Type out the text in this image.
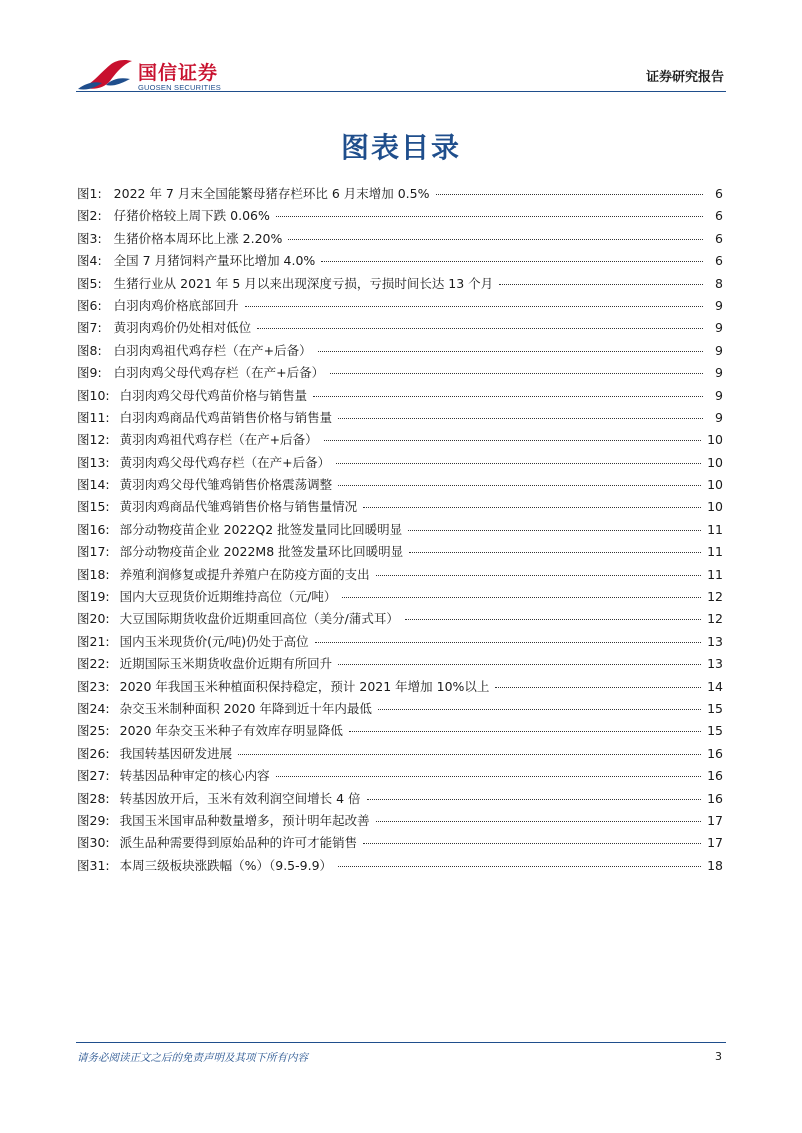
国信证券
GUOSEN SECURITIES
证券研究报告
图表目录
图1: 2022 年 7 月末全国能繁母猪存栏环比 6 月末增加 0.5%	6
图2: 仔猪价格较上周下跌 0.06%	6
图3: 生猪价格本周环比上涨 2.20%	6
图4: 全国 7 月猪饲料产量环比增加 4.0%	6
图5: 生猪行业从 2021 年 5 月以来出现深度亏损，亏损时间长达 13 个月	8
图6: 白羽肉鸡价格底部回升	9
图7: 黄羽肉鸡价仍处相对低位	9
图8: 白羽肉鸡祖代鸡存栏（在产+后备）	9
图9: 白羽肉鸡父母代鸡存栏（在产+后备）	9
图10: 白羽肉鸡父母代鸡苗价格与销售量	9
图11: 白羽肉鸡商品代鸡苗销售价格与销售量	9
图12: 黄羽肉鸡祖代鸡存栏（在产+后备）	10
图13: 黄羽肉鸡父母代鸡存栏（在产+后备）	10
图14: 黄羽肉鸡父母代雏鸡销售价格震荡调整	10
图15: 黄羽肉鸡商品代雏鸡销售价格与销售量情况	10
图16: 部分动物疫苗企业 2022Q2 批签发量同比回暖明显	11
图17: 部分动物疫苗企业 2022M8 批签发量环比回暖明显	11
图18: 养殖利润修复或提升养殖户在防疫方面的支出	11
图19: 国内大豆现货价近期维持高位（元/吨）	12
图20: 大豆国际期货收盘价近期重回高位（美分/蒲式耳）	12
图21: 国内玉米现货价(元/吨)仍处于高位	13
图22: 近期国际玉米期货收盘价近期有所回升	13
图23: 2020 年我国玉米种植面积保持稳定，预计 2021 年增加 10%以上	14
图24: 杂交玉米制种面积 2020 年降到近十年内最低	15
图25: 2020 年杂交玉米种子有效库存明显降低	15
图26: 我国转基因研发进展	16
图27: 转基因品种审定的核心内容	16
图28: 转基因放开后，玉米有效利润空间增长 4 倍	16
图29: 我国玉米国审品种数量增多，预计明年起改善	17
图30: 派生品种需要得到原始品种的许可才能销售	17
图31: 本周三级板块涨跌幅（%）（9.5-9.9）	18
请务必阅读正文之后的免责声明及其项下所有内容	3
